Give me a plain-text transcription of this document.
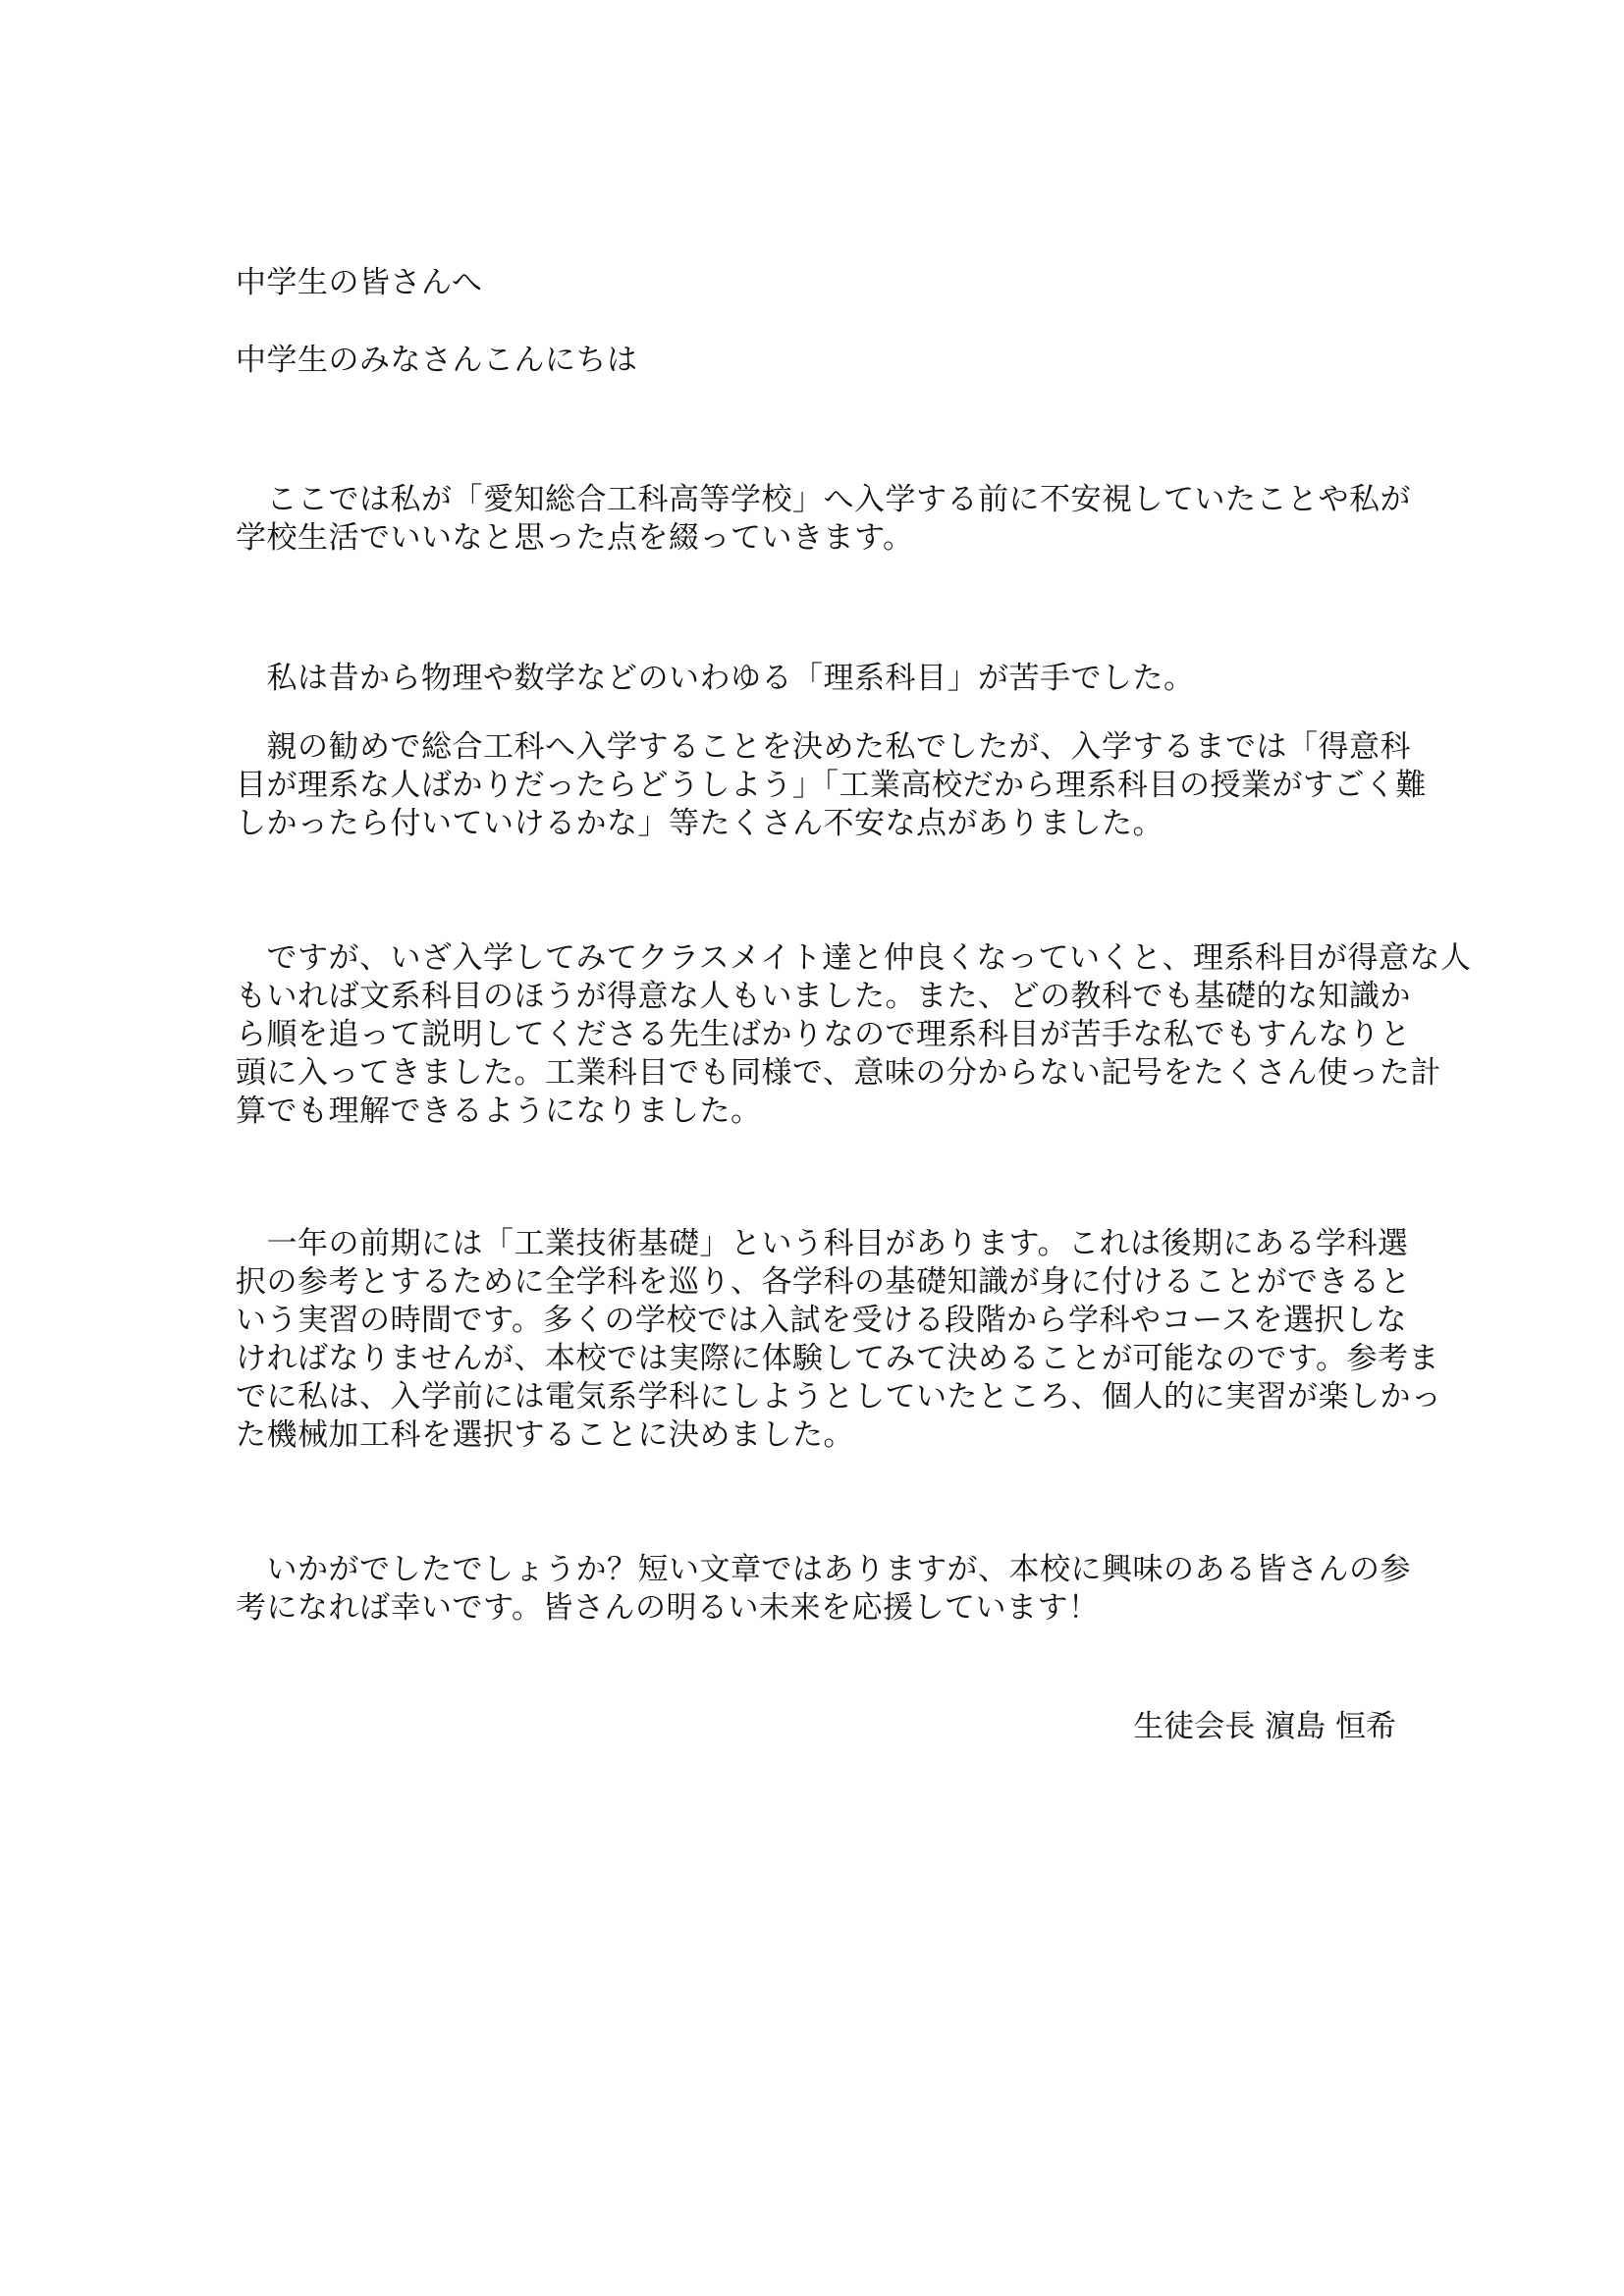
中学生の皆さんへ
中学生のみなさんこんにちは
　ここでは私が「愛知総合工科高等学校」へ入学する前に不安視していたことや私が
学校生活でいいなと思った点を綴っていきます。
　私は昔から物理や数学などのいわゆる「理系科目」が苦手でした。
　親の勧めで総合工科へ入学することを決めた私でしたが、入学するまでは「得意科
目が理系な人ばかりだったらどうしよう」「工業高校だから理系科目の授業がすごく難
しかったら付いていけるかな」等たくさん不安な点がありました。
　ですが、いざ入学してみてクラスメイト達と仲良くなっていくと、理系科目が得意な人
もいれば文系科目のほうが得意な人もいました。また、どの教科でも基礎的な知識か
ら順を追って説明してくださる先生ばかりなので理系科目が苦手な私でもすんなりと
頭に入ってきました。工業科目でも同様で、意味の分からない記号をたくさん使った計
算でも理解できるようになりました。
　一年の前期には「工業技術基礎」という科目があります。これは後期にある学科選
択の参考とするために全学科を巡り、各学科の基礎知識が身に付けることができると
いう実習の時間です。多くの学校では入試を受ける段階から学科やコースを選択しな
ければなりませんが、本校では実際に体験してみて決めることが可能なのです。参考ま
でに私は、入学前には電気系学科にしようとしていたところ、個人的に実習が楽しかっ
た機械加工科を選択することに決めました。
　いかがでしたでしょうか？短い文章ではありますが、本校に興味のある皆さんの参
考になれば幸いです。皆さんの明るい未来を応援しています！
生徒会長 濵島 恒希
